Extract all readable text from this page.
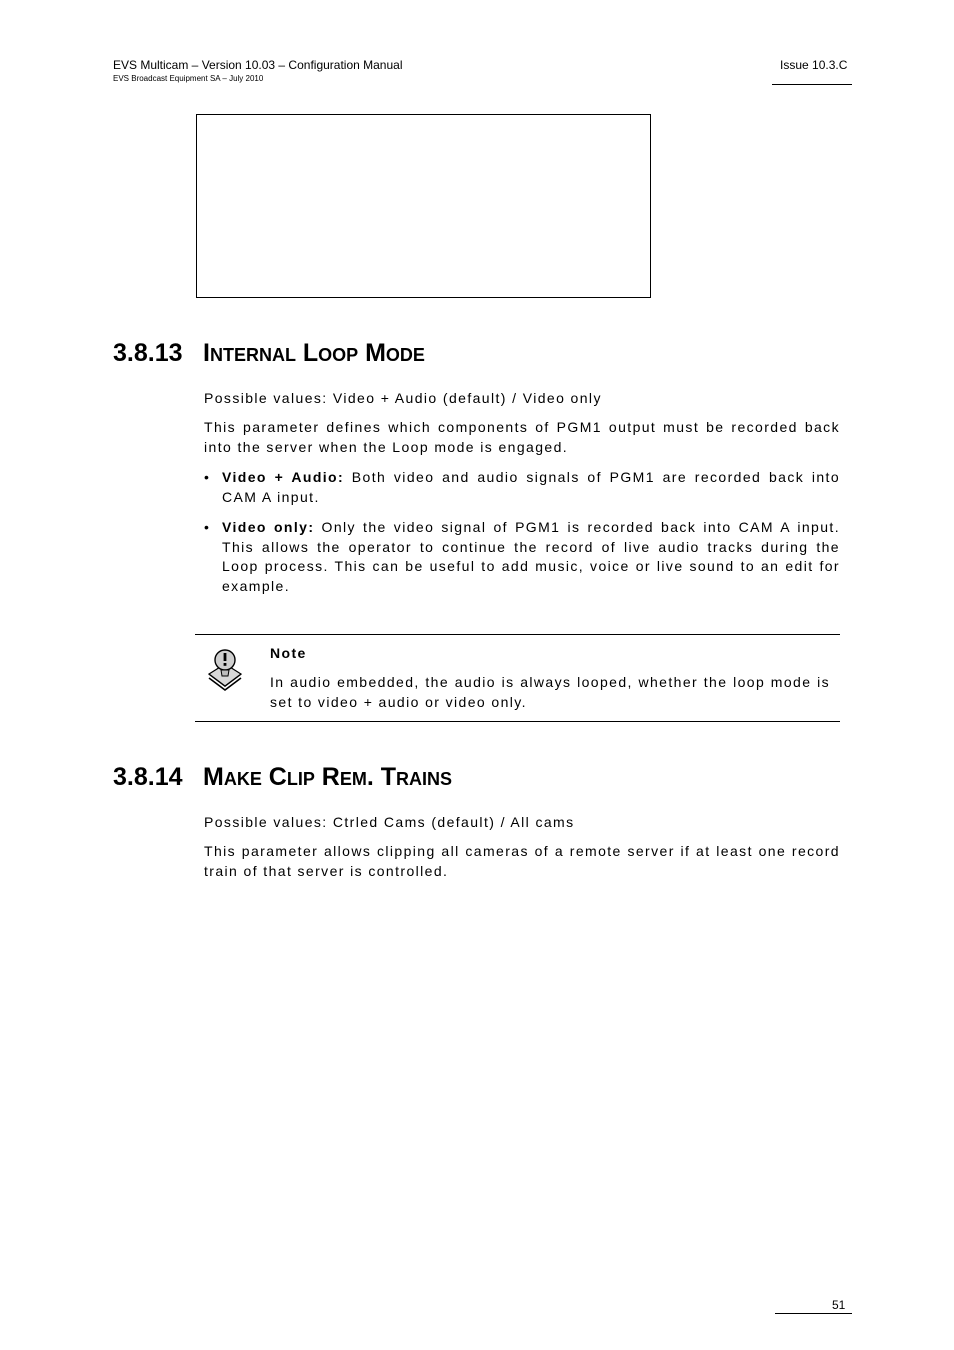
EVS Multicam – Version 10.03 – Configuration Manual
EVS Broadcast Equipment SA – July 2010
Issue 10.3.C
3.8.13 Internal Loop Mode

Possible values: Video + Audio (default) / Video only

This parameter defines which components of PGM1 output must be recorded back into the server when the Loop mode is engaged.

• Video + Audio: Both video and audio signals of PGM1 are recorded back into CAM A input.
• Video only: Only the video signal of PGM1 is recorded back into CAM A input. This allows the operator to continue the record of live audio tracks during the Loop process. This can be useful to add music, voice or live sound to an edit for example.
Note
In audio embedded, the audio is always looped, whether the loop mode is set to video + audio or video only.
3.8.14 Make Clip Rem. Trains

Possible values: Ctrled Cams (default) / All cams

This parameter allows clipping all cameras of a remote server if at least one record train of that server is controlled.

51
